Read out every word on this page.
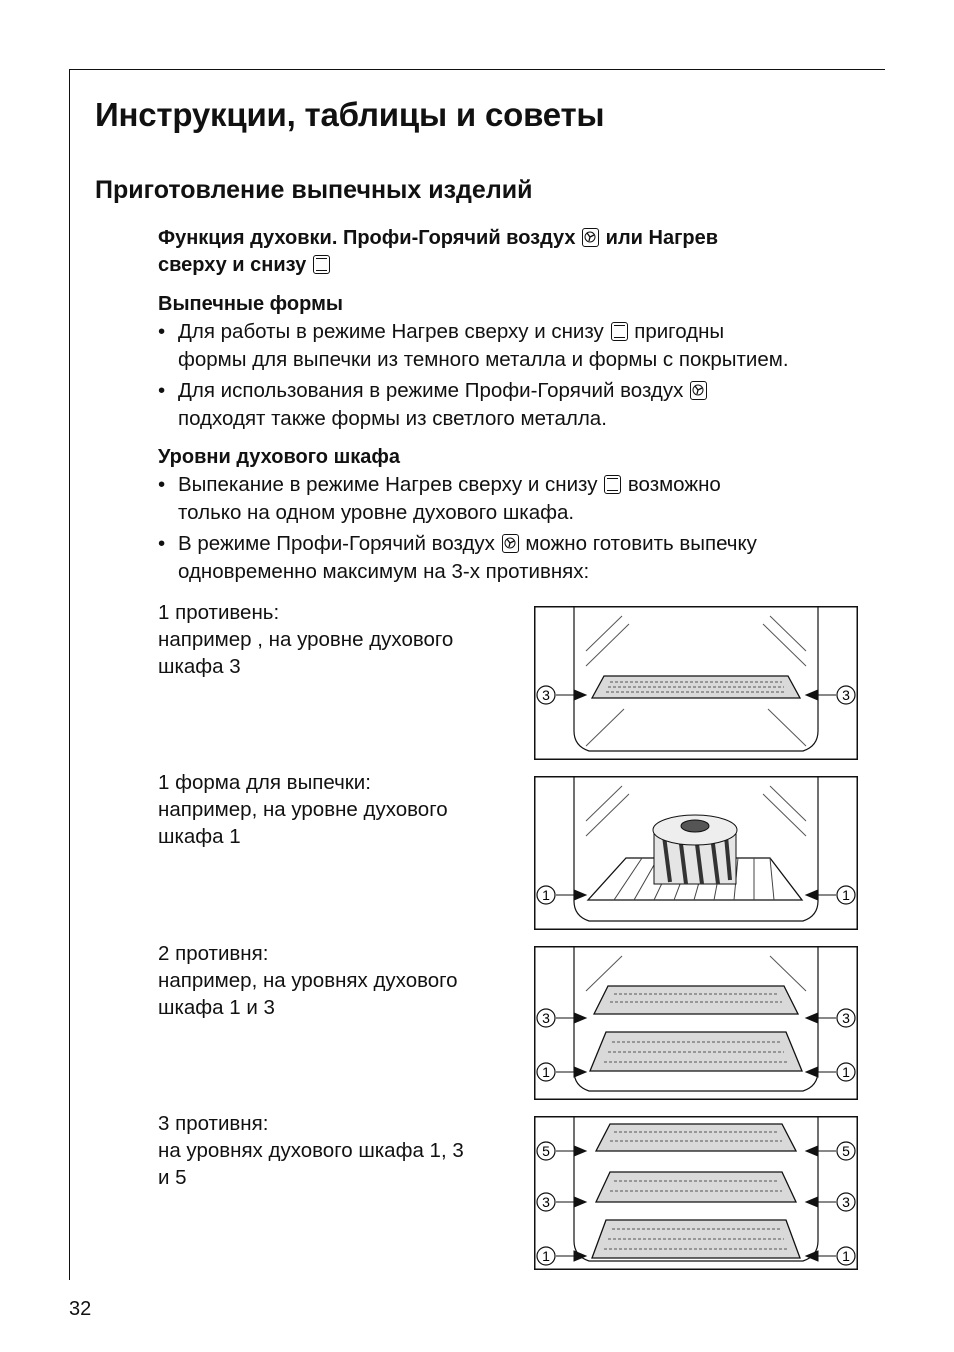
Инструкции, таблицы и советы
Приготовление выпечных изделий

Функция духовки. Профи-Горячий воздух или Нагрев
сверху и снизу

Выпечные формы

• Для работы в режиме Нагрев сверху и снизу пригодны
формы для выпечки из темного металла и формы с покрытием.

• Для использования в режиме Профи-Горячий воздух

подходят также формы из светлого металла.

Уровни духового шкафа

• Выпекание в режиме Нагрев сверху и снизу возможно
только на одном уровне духового шкафа.

• В режиме Профи-Горячий воздух можно готовить выпечку
одновременно максимум на 3-х противнях:

1 противень:
например , на уровне духового
шкафа 3
3	3
1 форма для выпечки:
например, на уровне духового
шкафа 1
1	1
2 противня:
например, на уровнях духового
шкафа 1 и 3	3	3
1	1
3 противня:
на уровнях духового шкафа 1, 3
и 5
5	5
3	3
1	1
32
